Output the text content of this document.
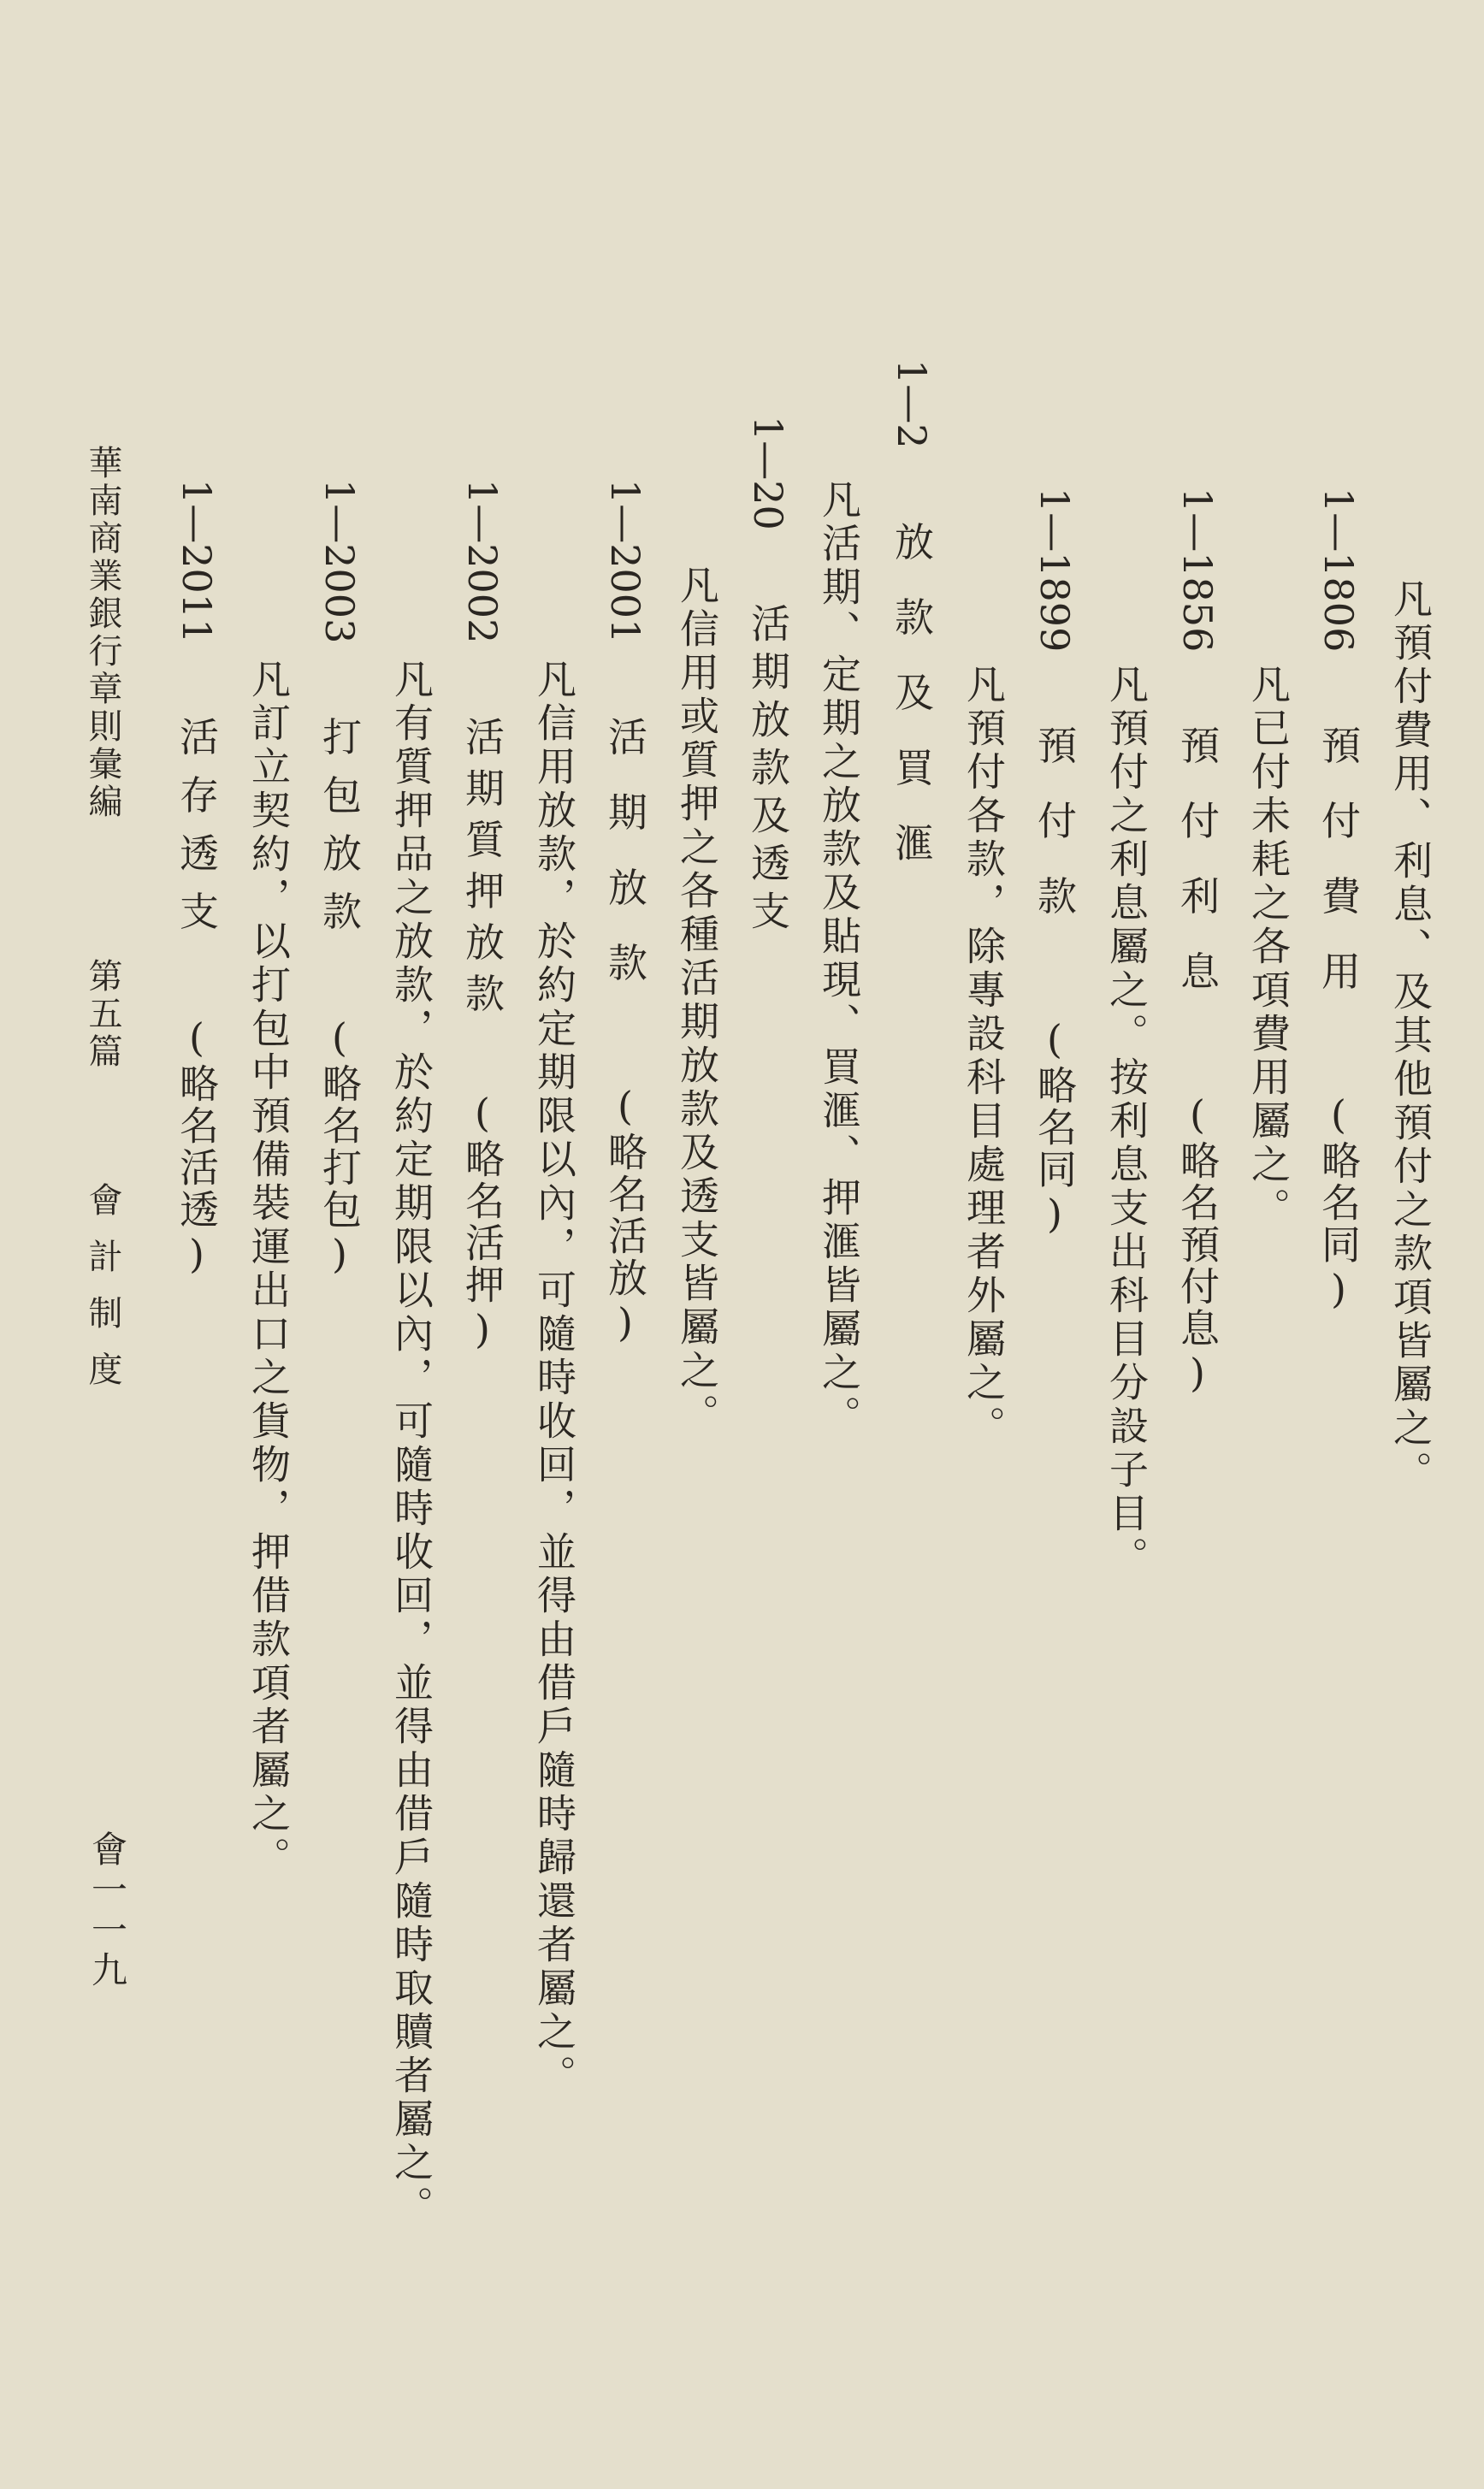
凡預付費用、利息、及其他預付之款項皆屬之。
1—1806 預付費用 (略名同)
凡已付未耗之各項費用屬之。
1—1856 預付利息 (略名預付息)
凡預付之利息屬之。按利息支出科目分設子目。
1—1899 預付款 (略名同)
凡預付各款，除專設科目處理者外屬之。
1—2 放款及買滙
凡活期、定期之放款及貼現、買滙、押滙皆屬之。
1—20 活期放款及透支
凡信用或質押之各種活期放款及透支皆屬之。
1—2001 活期放款 (略名活放)
凡信用放款，於約定期限以內，可隨時收回，並得由借戶隨時歸還者屬之。
1—2002 活期質押放款 (略名活押)
凡有質押品之放款，於約定期限以內，可隨時收回，並得由借戶隨時取贖者屬之。
1—2003 打包放款 (略名打包)
凡訂立契約，以打包中預備裝運出口之貨物，押借款項者屬之。
1—2011 活存透支 (略名活透)
華南商業銀行章則彙編  第五篇  會計制度
會一一九
